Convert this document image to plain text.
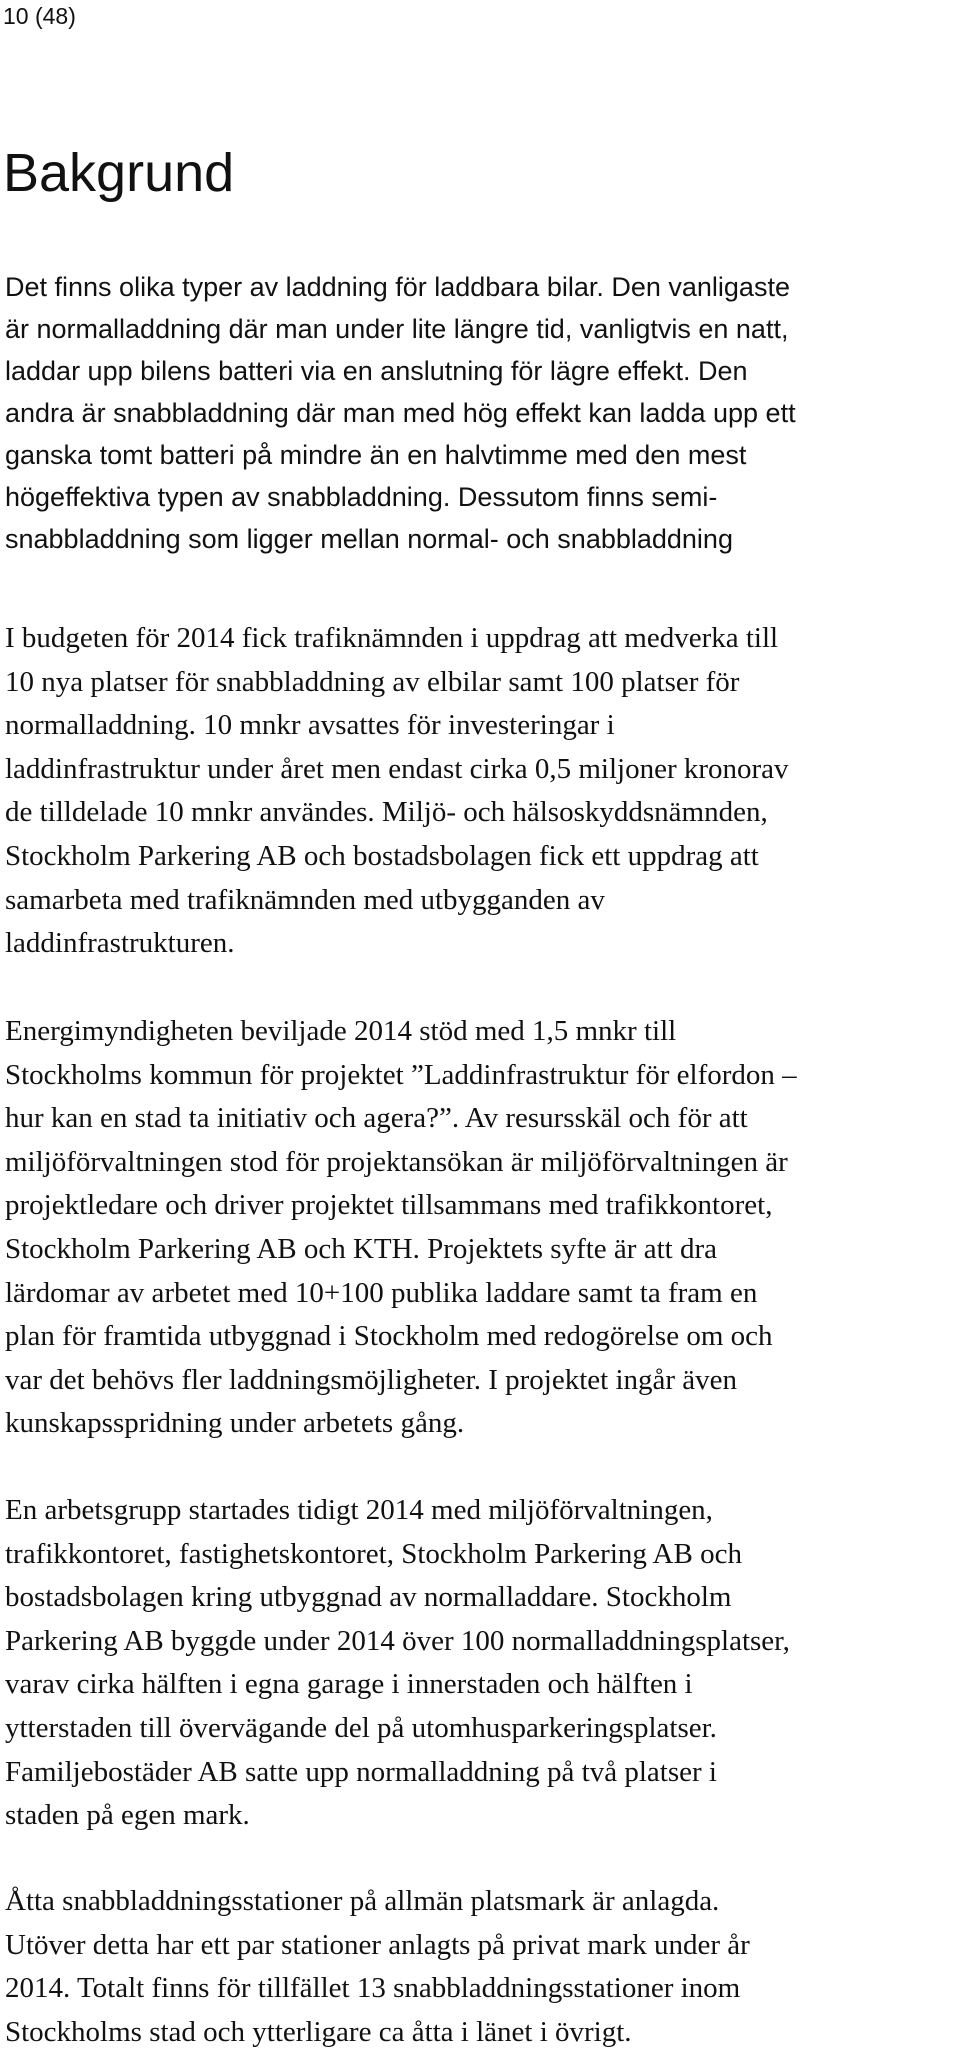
10 (48)
Bakgrund

Det finns olika typer av laddning för laddbara bilar. Den vanligaste
är normalladdning där man under lite längre tid, vanligtvis en natt,
laddar upp bilens batteri via en anslutning för lägre effekt. Den
andra är snabbladdning där man med hög effekt kan ladda upp ett
ganska tomt batteri på mindre än en halvtimme med den mest
högeffektiva typen av snabbladdning. Dessutom finns semi-
snabbladdning som ligger mellan normal- och snabbladdning

I budgeten för 2014 fick trafiknämnden i uppdrag att medverka till
10 nya platser för snabbladdning av elbilar samt 100 platser för
normalladdning. 10 mnkr avsattes för investeringar i
laddinfrastruktur under året men endast cirka 0,5 miljoner kronorav
de tilldelade 10 mnkr användes. Miljö- och hälsoskyddsnämnden,
Stockholm Parkering AB och bostadsbolagen fick ett uppdrag att
samarbeta med trafiknämnden med utbygganden av
laddinfrastrukturen.

Energimyndigheten beviljade 2014 stöd med 1,5 mnkr till
Stockholms kommun för projektet ”Laddinfrastruktur för elfordon –
hur kan en stad ta initiativ och agera?”. Av resursskäl och för att
miljöförvaltningen stod för projektansökan är miljöförvaltningen är
projektledare och driver projektet tillsammans med trafikkontoret,
Stockholm Parkering AB och KTH. Projektets syfte är att dra
lärdomar av arbetet med 10+100 publika laddare samt ta fram en
plan för framtida utbyggnad i Stockholm med redogörelse om och
var det behövs fler laddningsmöjligheter. I projektet ingår även
kunskapsspridning under arbetets gång.

En arbetsgrupp startades tidigt 2014 med miljöförvaltningen,
trafikkontoret, fastighetskontoret, Stockholm Parkering AB och
bostadsbolagen kring utbyggnad av normalladdare. Stockholm
Parkering AB byggde under 2014 över 100 normalladdningsplatser,
varav cirka hälften i egna garage i innerstaden och hälften i
ytterstaden till övervägande del på utomhusparkeringsplatser.
Familjebostäder AB satte upp normalladdning på två platser i
staden på egen mark.

Åtta snabbladdningsstationer på allmän platsmark är anlagda.
Utöver detta har ett par stationer anlagts på privat mark under år
2014. Totalt finns för tillfället 13 snabbladdningsstationer inom
Stockholms stad och ytterligare ca åtta i länet i övrigt.
